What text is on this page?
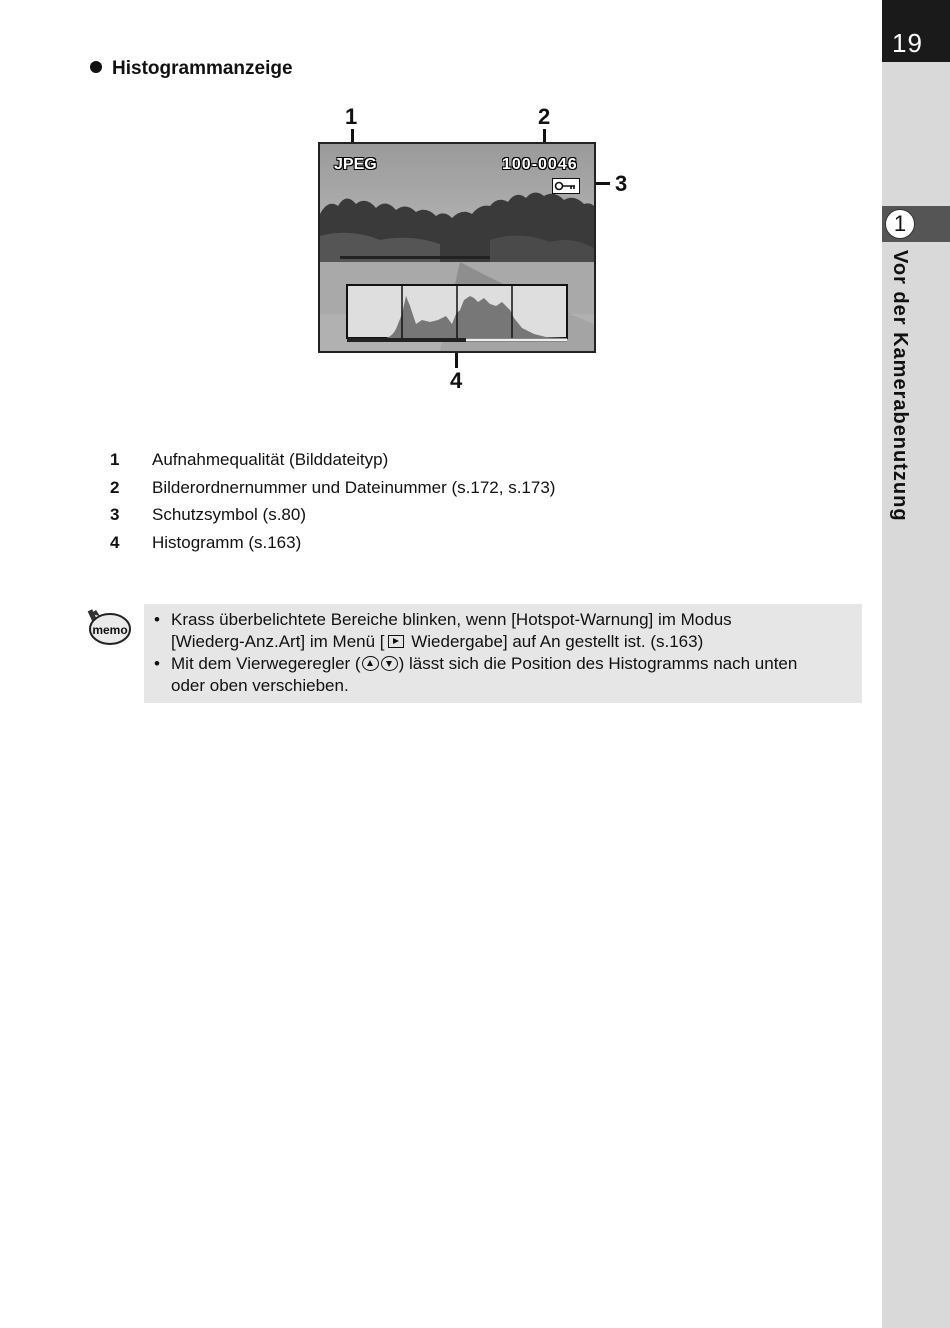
19
1
Vor der Kamerabenutzung
Histogrammanzeige
1	2
3
4
JPEG	100-0046
1 Aufnahmequalität (Bilddateityp)
2 Bilderordnernummer und Dateinummer (s.172, s.173)
3 Schutzsymbol (s.80)
4 Histogramm (s.163)
memo
• Krass überbelichtete Bereiche blinken, wenn [Hotspot-Warnung] im Modus
[Wiederg-Anz.Art] im Menü [ Wiedergabe] auf An gestellt ist. (s.163)
• Mit dem Vierwegeregler ( ) lässt sich die Position des Histogramms nach unten
oder oben verschieben.
